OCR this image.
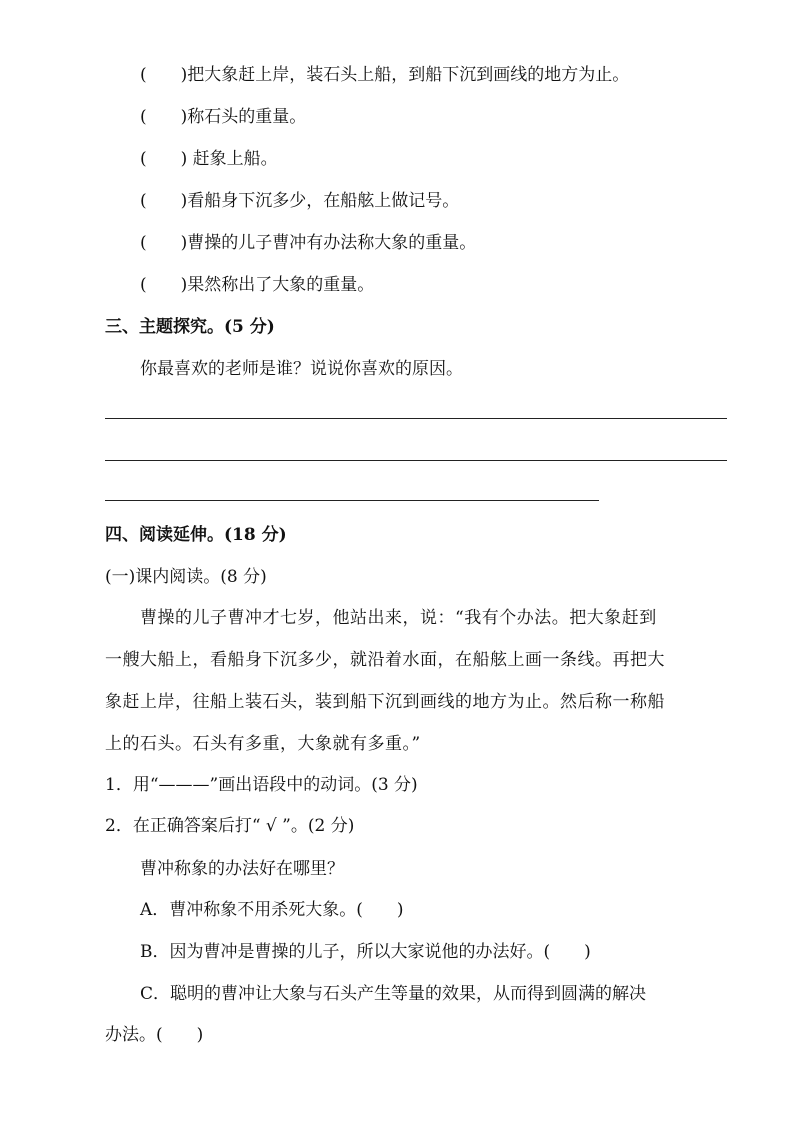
(　　)把大象赶上岸，装石头上船，到船下沉到画线的地方为止。
(　　)称石头的重量。
(　　) 赶象上船。
(　　)看船身下沉多少，在船舷上做记号。
(　　)曹操的儿子曹冲有办法称大象的重量。
(　　)果然称出了大象的重量。
三、主题探究。(5 分)
你最喜欢的老师是谁？说说你喜欢的原因。
四、阅读延伸。(18 分)
(一)课内阅读。(8 分)
曹操的儿子曹冲才七岁，他站出来，说：“我有个办法。把大象赶到
一艘大船上，看船身下沉多少，就沿着水面，在船舷上画一条线。再把大
象赶上岸，往船上装石头，装到船下沉到画线的地方为止。然后称一称船
上的石头。石头有多重，大象就有多重。”
1．用“———”画出语段中的动词。(3 分)
2．在正确答案后打“ √ ”。(2 分)
曹冲称象的办法好在哪里？
A．曹冲称象不用杀死大象。(　　)
B．因为曹冲是曹操的儿子，所以大家说他的办法好。(　　)
C．聪明的曹冲让大象与石头产生等量的效果，从而得到圆满的解决
办法。(　　)
